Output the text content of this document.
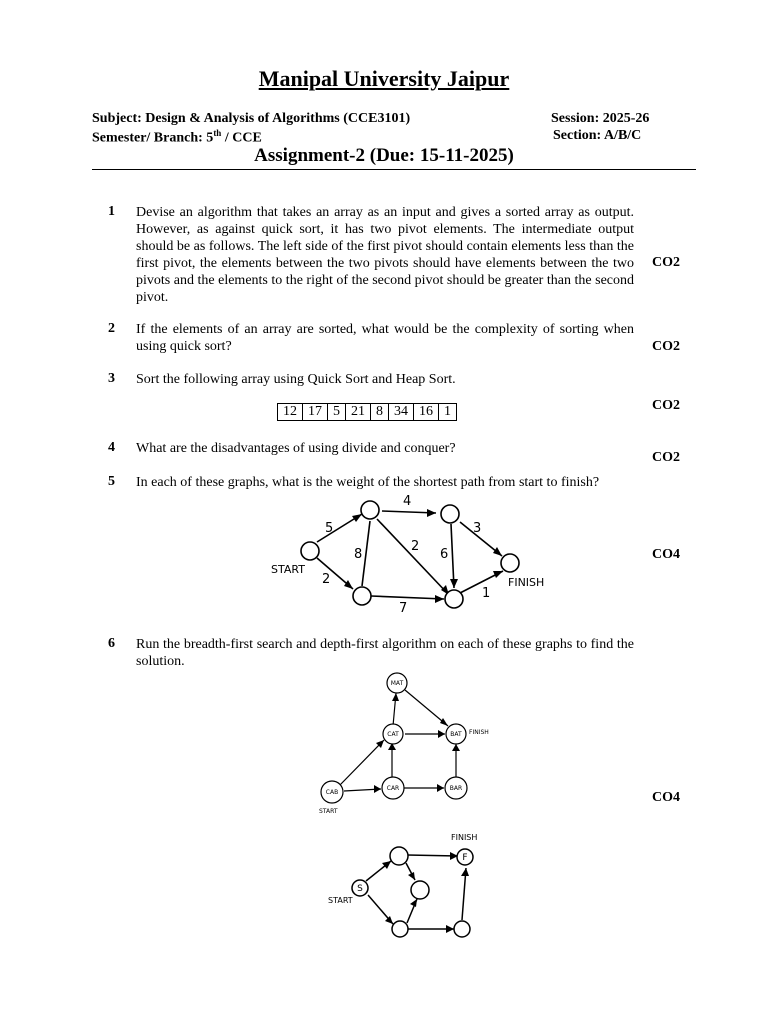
Manipal University Jaipur
Subject: Design & Analysis of Algorithms (CCE3101)	Session: 2025-26
Semester/ Branch: 5th / CCE	Section: A/B/C
Assignment-2 (Due: 15-11-2025)
1	Devise an algorithm that takes an array as an input and gives a sorted array as output. However, as against quick sort, it has two pivot elements. The intermediate output should be as follows. The left side of the first pivot should contain elements less than the first pivot, the elements between the two pivots should have elements between the two pivots and the elements to the right of the second pivot should be greater than the second pivot.
CO2
2	If the elements of an array are sorted, what would be the complexity of sorting when using quick sort?	CO2
3	Sort the following array using Quick Sort and Heap Sort.
CO2
12	17	5	21	8	34	16	1
4	What are the disadvantages of using divide and conquer?
CO2
5	In each of these graphs, what is the weight of the shortest path from start to finish?
CO4
START
FINISH
5
2
8
4
2
6
3
7
1
6	Run the breadth-first search and depth-first algorithm on each of these graphs to find the solution.
CO4
MAT
CAT	BAT
CAB
CAR	BAR
FINISH
START
S
F
FINISH
START
